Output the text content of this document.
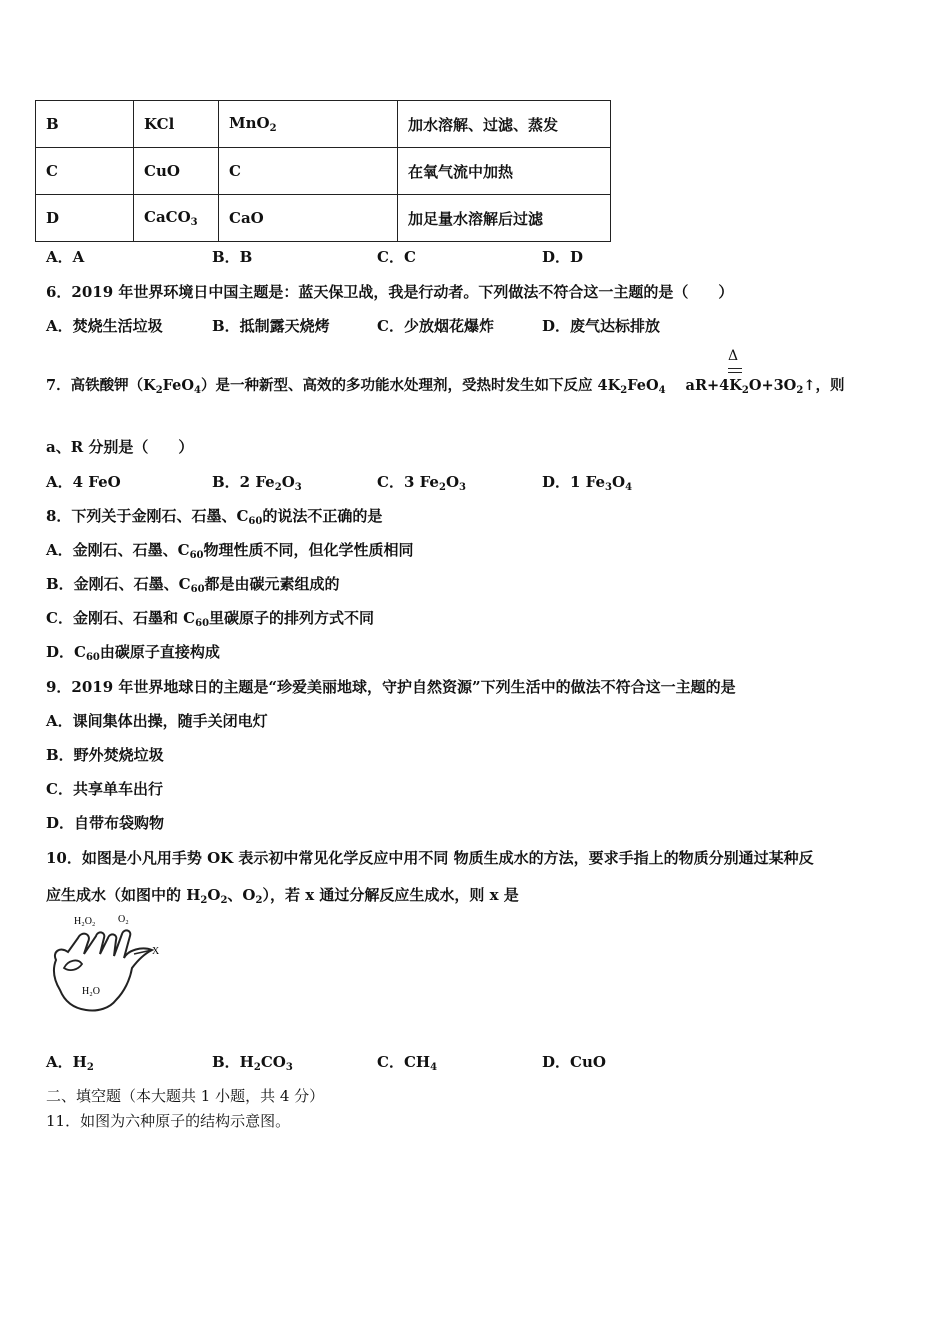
B	KCl	MnO$_2$	加水溶解、过滤、蒸发
C	CuO	C	在氧气流中加热
D	CaCO$_3$	CaO	加足量水溶解后过滤
A．A	B．B	C．C	D．D
6．2019 年世界环境日中国主题是：蓝天保卫战，我是行动者。下列做法不符合这一主题的是（　　）
A．焚烧生活垃圾	B．抵制露天烧烤	C．少放烟花爆炸	D．废气达标排放
Δ
7．高铁酸钾$(K_2FeO_4)$是一种新型、高效的多功能水处理剂，受热时发生如下反应 $4K_2FeO_4$ $aR+4K_2O+3O_2↑$，则
a、R 分别是（　　）
A．4 FeO	B．2 $Fe_2O_3$	C．3 $Fe_2O_3$	D．1 $Fe_3O_4$
8．下列关于金刚石、石墨、$C_{60}$的说法不正确的是
A．金刚石、石墨、$C_{60}$物理性质不同，但化学性质相同
B．金刚石、石墨、$C_{60}$都是由碳元素组成的
C．金刚石、石墨和 $C_{60}$里碳原子的排列方式不同
D．$C_{60}$由碳原子直接构成
9．2019 年世界地球日的主题是“珍爱美丽地球，守护自然资源”下列生活中的做法不符合这一主题的是
A．课间集体出操，随手关闭电灯
B．野外焚烧垃圾
C．共享单车出行
D．自带布袋购物
10．如图是小凡用手势 OK 表示初中常见化学反应中用不同 物质生成水的方法，要求手指上的物质分别通过某种反
应生成水（如图中的 $H_2O_2$、$O_2$），若 x 通过分解反应生成水，则 x 是
H₂O₂ O₂
X
H₂O
A．$H_2$	B．$H_2CO_3$	C．$CH_4$	D．CuO
二、填空题（本大题共 1 小题，共 4 分）
11．如图为六种原子的结构示意图。
